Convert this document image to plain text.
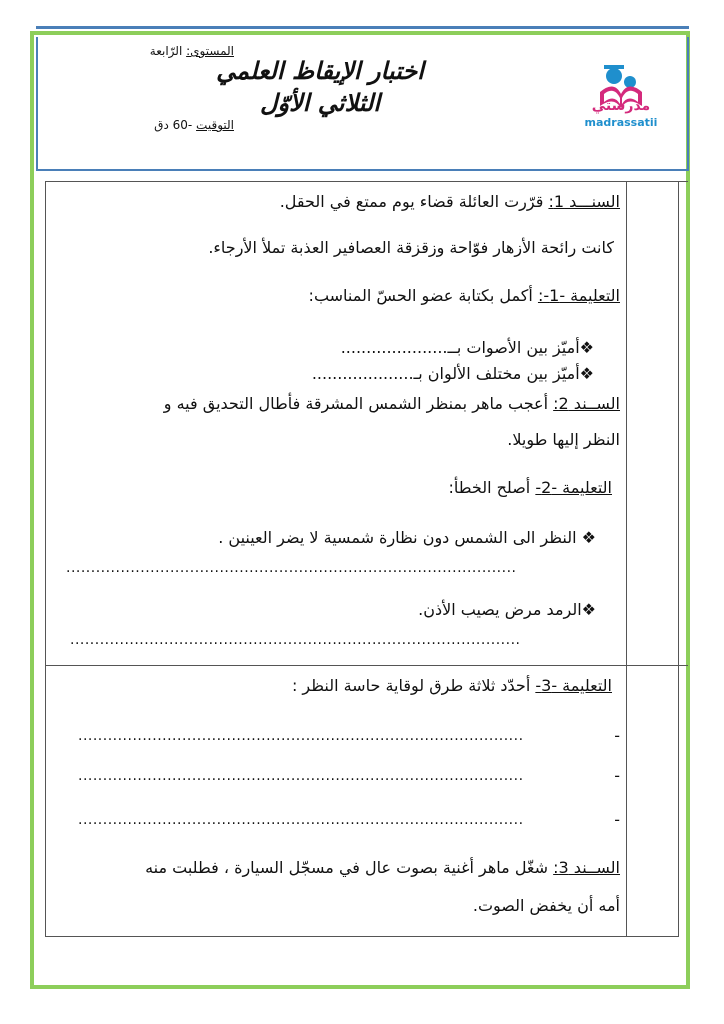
المستوى: الرّابعة
التوقيت -60 دق
اختبار الإيقاظ العلمي
الثلاثي الأوّل	مدرستي
madrassatii
السنـــد 1: قرّرت العائلة قضاء يوم ممتع في الحقل.
كانت رائحة الأزهار فوّاحة وزقزقة العصافير العذبة تملأ الأرجاء.
التعليمة -1-: أكمل بكتابة عضو الحسّ المناسب:
❖أميّز بين الأصوات بــ.....................
❖أميّز بين مختلف الألوان بـ....................
الســند 2: أعجب ماهر بمنظر الشمس المشرقة فأطال التحديق فيه و
النظر إليها طويلا.
التعليمة -2- أصلح الخطأ:
❖ النظر الى الشمس دون نظارة شمسية لا يضر العينين .
...........................................................................................
❖الرمد مرض يصيب الأذن.
...........................................................................................
التعليمة -3- أحدّد ثلاثة طرق لوقاية حاسة النظر :
..........................................................................................	-
..........................................................................................	-
..........................................................................................	-
الســند 3: شغّل ماهر أغنية بصوت عال في مسجّل السيارة ، فطلبت منه
أمه أن يخفض الصوت.
